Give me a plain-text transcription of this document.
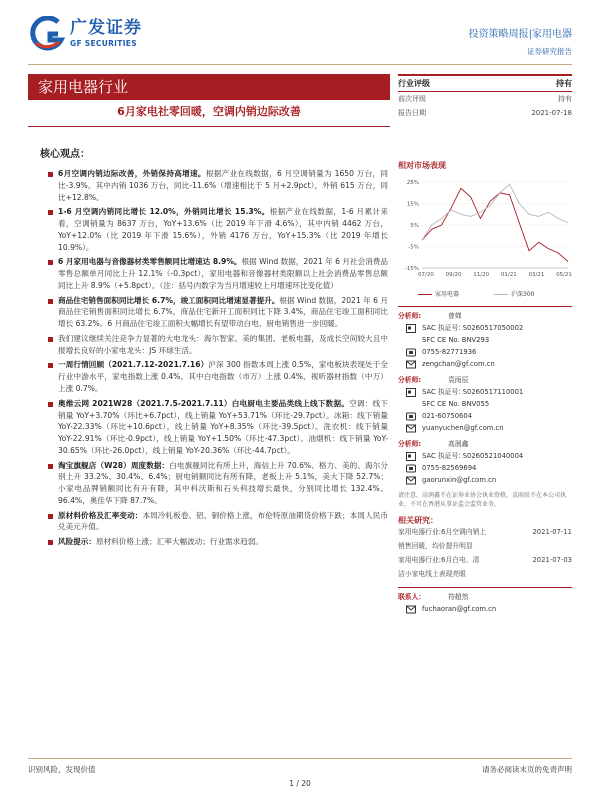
广发证券
GF SECURITIES
投资策略周报|家用电器
证券研究报告
家用电器行业
6月家电社零回暖，空调内销边际改善
核心观点：
6月空调内销边际改善，外销保持高增速。根据产业在线数据，6 月空调销量为 1650 万台，同比-3.9%。其中内销 1036 万台，同比-11.6%（增速相比于 5 月+2.9pct），外销 615 万台，同比+12.8%。
1-6 月空调内销同比增长 12.0%，外销同比增长 15.3%。根据产业在线数据，1-6 月累计来看，空调销量为 8637 万台，YoY+13.6%（比 2019 年下滑 4.6%），其中内销 4462 万台，YoY+12.0%（比 2019 年下滑 15.6%），外销 4176 万台，YoY+15.3%（比 2019 年增长 10.9%）。
6 月家用电器与音像器材类零售额同比增速达 8.9%。根据 Wind 数据，2021 年 6 月社会消费品零售总额单月同比上升 12.1%（-0.3pct），家用电器和音像器材类限额以上社会消费品零售总额同比上升 8.9%（+5.8pct）。（注：括号内数字为当月增速较上月增速环比变化值）
商品住宅销售面积同比增长 6.7%，竣工面积同比增速显著提升。根据 Wind 数据，2021 年 6 月商品住宅销售面积同比增长 6.7%，商品住宅新开工面积同比下降 3.4%，商品住宅竣工面积同比增长 63.2%。6 月商品住宅竣工面积大幅增长有望带动白电、厨电销售进一步回暖。
我们建议继续关注竞争力显著的大电龙头：海尔智家、美的集团、老板电器，及成长空间较大且中报增长良好的小家电龙头：JS 环球生活。
一周行情回顾（2021.7.12-2021.7.16）沪深 300 指数本周上涨 0.5%，家电板块表现处于全行业中游水平，家电指数上涨 0.4%。其中白电指数（市万）上涨 0.4%，视听器材指数（中万）上涨 0.7%。
奥维云网 2021W28（2021.7.5-2021.7.11）白电厨电主要品类线上线下数据。空调：线下销量 YoY+3.70%（环比+6.7pct），线上销量 YoY+53.71%（环比-29.7pct）。冰箱：线下销量 YoY-22.33%（环比+10.6pct），线上销量 YoY+8.35%（环比-39.5pct）。洗衣机：线下销量 YoY-22.91%（环比-0.9pct），线上销量 YoY+1.50%（环比-47.3pct）。油烟机：线下销量 YoY-30.65%（环比-26.0pct），线上销量 YoY-20.36%（环比-44.7pct）。
淘宝旗舰店（W28）周度数据：白电旗舰同比有所上升，海信上升 70.6%、格力、美的、海尔分别上升 33.2%、30.4%、6.4%；厨电销额同比有所有降，老板上升 5.1%，美大下降 52.7%；小家电品牌销额同比有升有降，其中科沃斯和石头科技增长最快，分别同比增长 132.4%、96.4%，奥佳华下降 87.7%。
原材料价格及汇率变动：本周冷轧板卷、铝、铜价格上涨，布伦特原油期货价格下跌；本周人民币兑美元升值。
风险提示：原材料价格上涨；汇率大幅波动；行业需求趋弱。
行业评级	持有
前次评级	持有
报告日期	2021-07-18
相对市场表现
25%
15%
5%
-5%
-15%
07/20 09/20 11/20 01/21 03/21 05/21
家用电器	沪深300
分析师:	曾婵
SAC 执证号: S0260517050002
SFC CE No. BNV293
0755-82771936
zengchan@gf.com.cn
分析师:	袁雨辰
SAC 执证号: S0260517110001
SFC CE No. BNV055
021-60750604
yuanyuchen@gf.com.cn
分析师:	高润鑫
SAC 执证号: S0260521040004
0755-82569694
gaorunxin@gf.com.cn
请注意，高润鑫不在证券业协会执业资格，袁雨辰不在本公司执业，不可在香港从事证监会监管业务。
相关研究：
家用电器行业:6月空调内销上	2021-07-11
销售回暖，均价提升明显
家用电器行业:6月白电、清	2021-07-03
洁小家电线上表现亮眼
联系人：	符超然
fuchaoran@gf.com.cn
识别风险，发现价值	请务必阅读末页的免责声明
1 / 20
